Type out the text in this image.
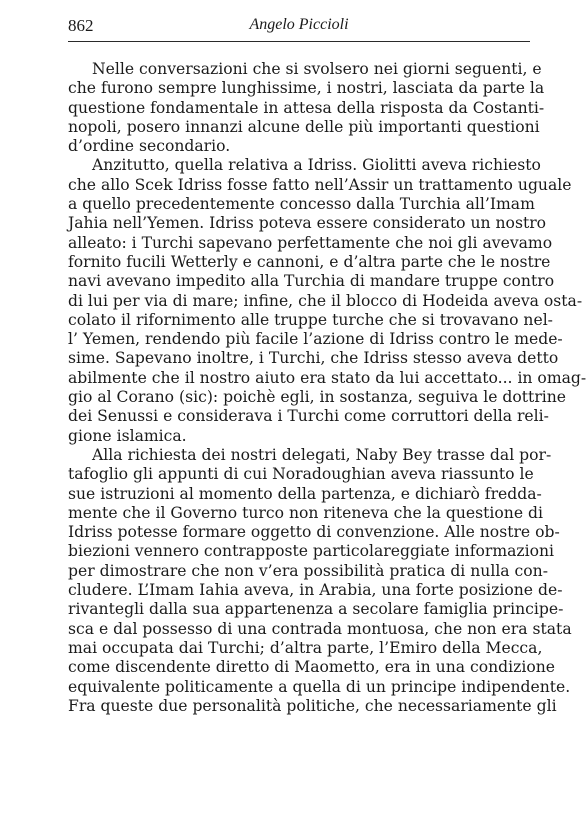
862	Angelo Piccioli
Nelle conversazioni che si svolsero nei giorni seguenti, e
che furono sempre lunghissime, i nostri, lasciata da parte la
questione fondamentale in attesa della risposta da Costanti-
nopoli, posero innanzi alcune delle più importanti questioni
d’ordine secondario.
Anzitutto, quella relativa a Idriss. Giolitti aveva richiesto
che allo Scek Idriss fosse fatto nell’Assir un trattamento uguale
a quello precedentemente concesso dalla Turchia all’Imam
Jahia nell’Yemen. Idriss poteva essere considerato un nostro
alleato: i Turchi sapevano perfettamente che noi gli avevamo
fornito fucili Wetterly e cannoni, e d’altra parte che le nostre
navi avevano impedito alla Turchia di mandare truppe contro
di lui per via di mare; infine, che il blocco di Hodeida aveva osta-
colato il rifornimento alle truppe turche che si trovavano nel-
l’ Yemen, rendendo più facile l’azione di Idriss contro le mede-
sime. Sapevano inoltre, i Turchi, che Idriss stesso aveva detto
abilmente che il nostro aiuto era stato da lui accettato... in omag-
gio al Corano (sic): poichè egli, in sostanza, seguiva le dottrine
dei Senussi e considerava i Turchi come corruttori della reli-
gione islamica.
Alla richiesta dei nostri delegati, Naby Bey trasse dal por-
tafoglio gli appunti di cui Noradoughian aveva riassunto le
sue istruzioni al momento della partenza, e dichiarò fredda-
mente che il Governo turco non riteneva che la questione di
Idriss potesse formare oggetto di convenzione. Alle nostre ob-
biezioni vennero contrapposte particolareggiate informazioni
per dimostrare che non v’era possibilità pratica di nulla con-
cludere. L’Imam Iahia aveva, in Arabia, una forte posizione de-
rivantegli dalla sua appartenenza a secolare famiglia principe-
sca e dal possesso di una contrada montuosa, che non era stata
mai occupata dai Turchi; d’altra parte, l’Emiro della Mecca,
come discendente diretto di Maometto, era in una condizione
equivalente politicamente a quella di un principe indipendente.
Fra queste due personalità politiche, che necessariamente gli
